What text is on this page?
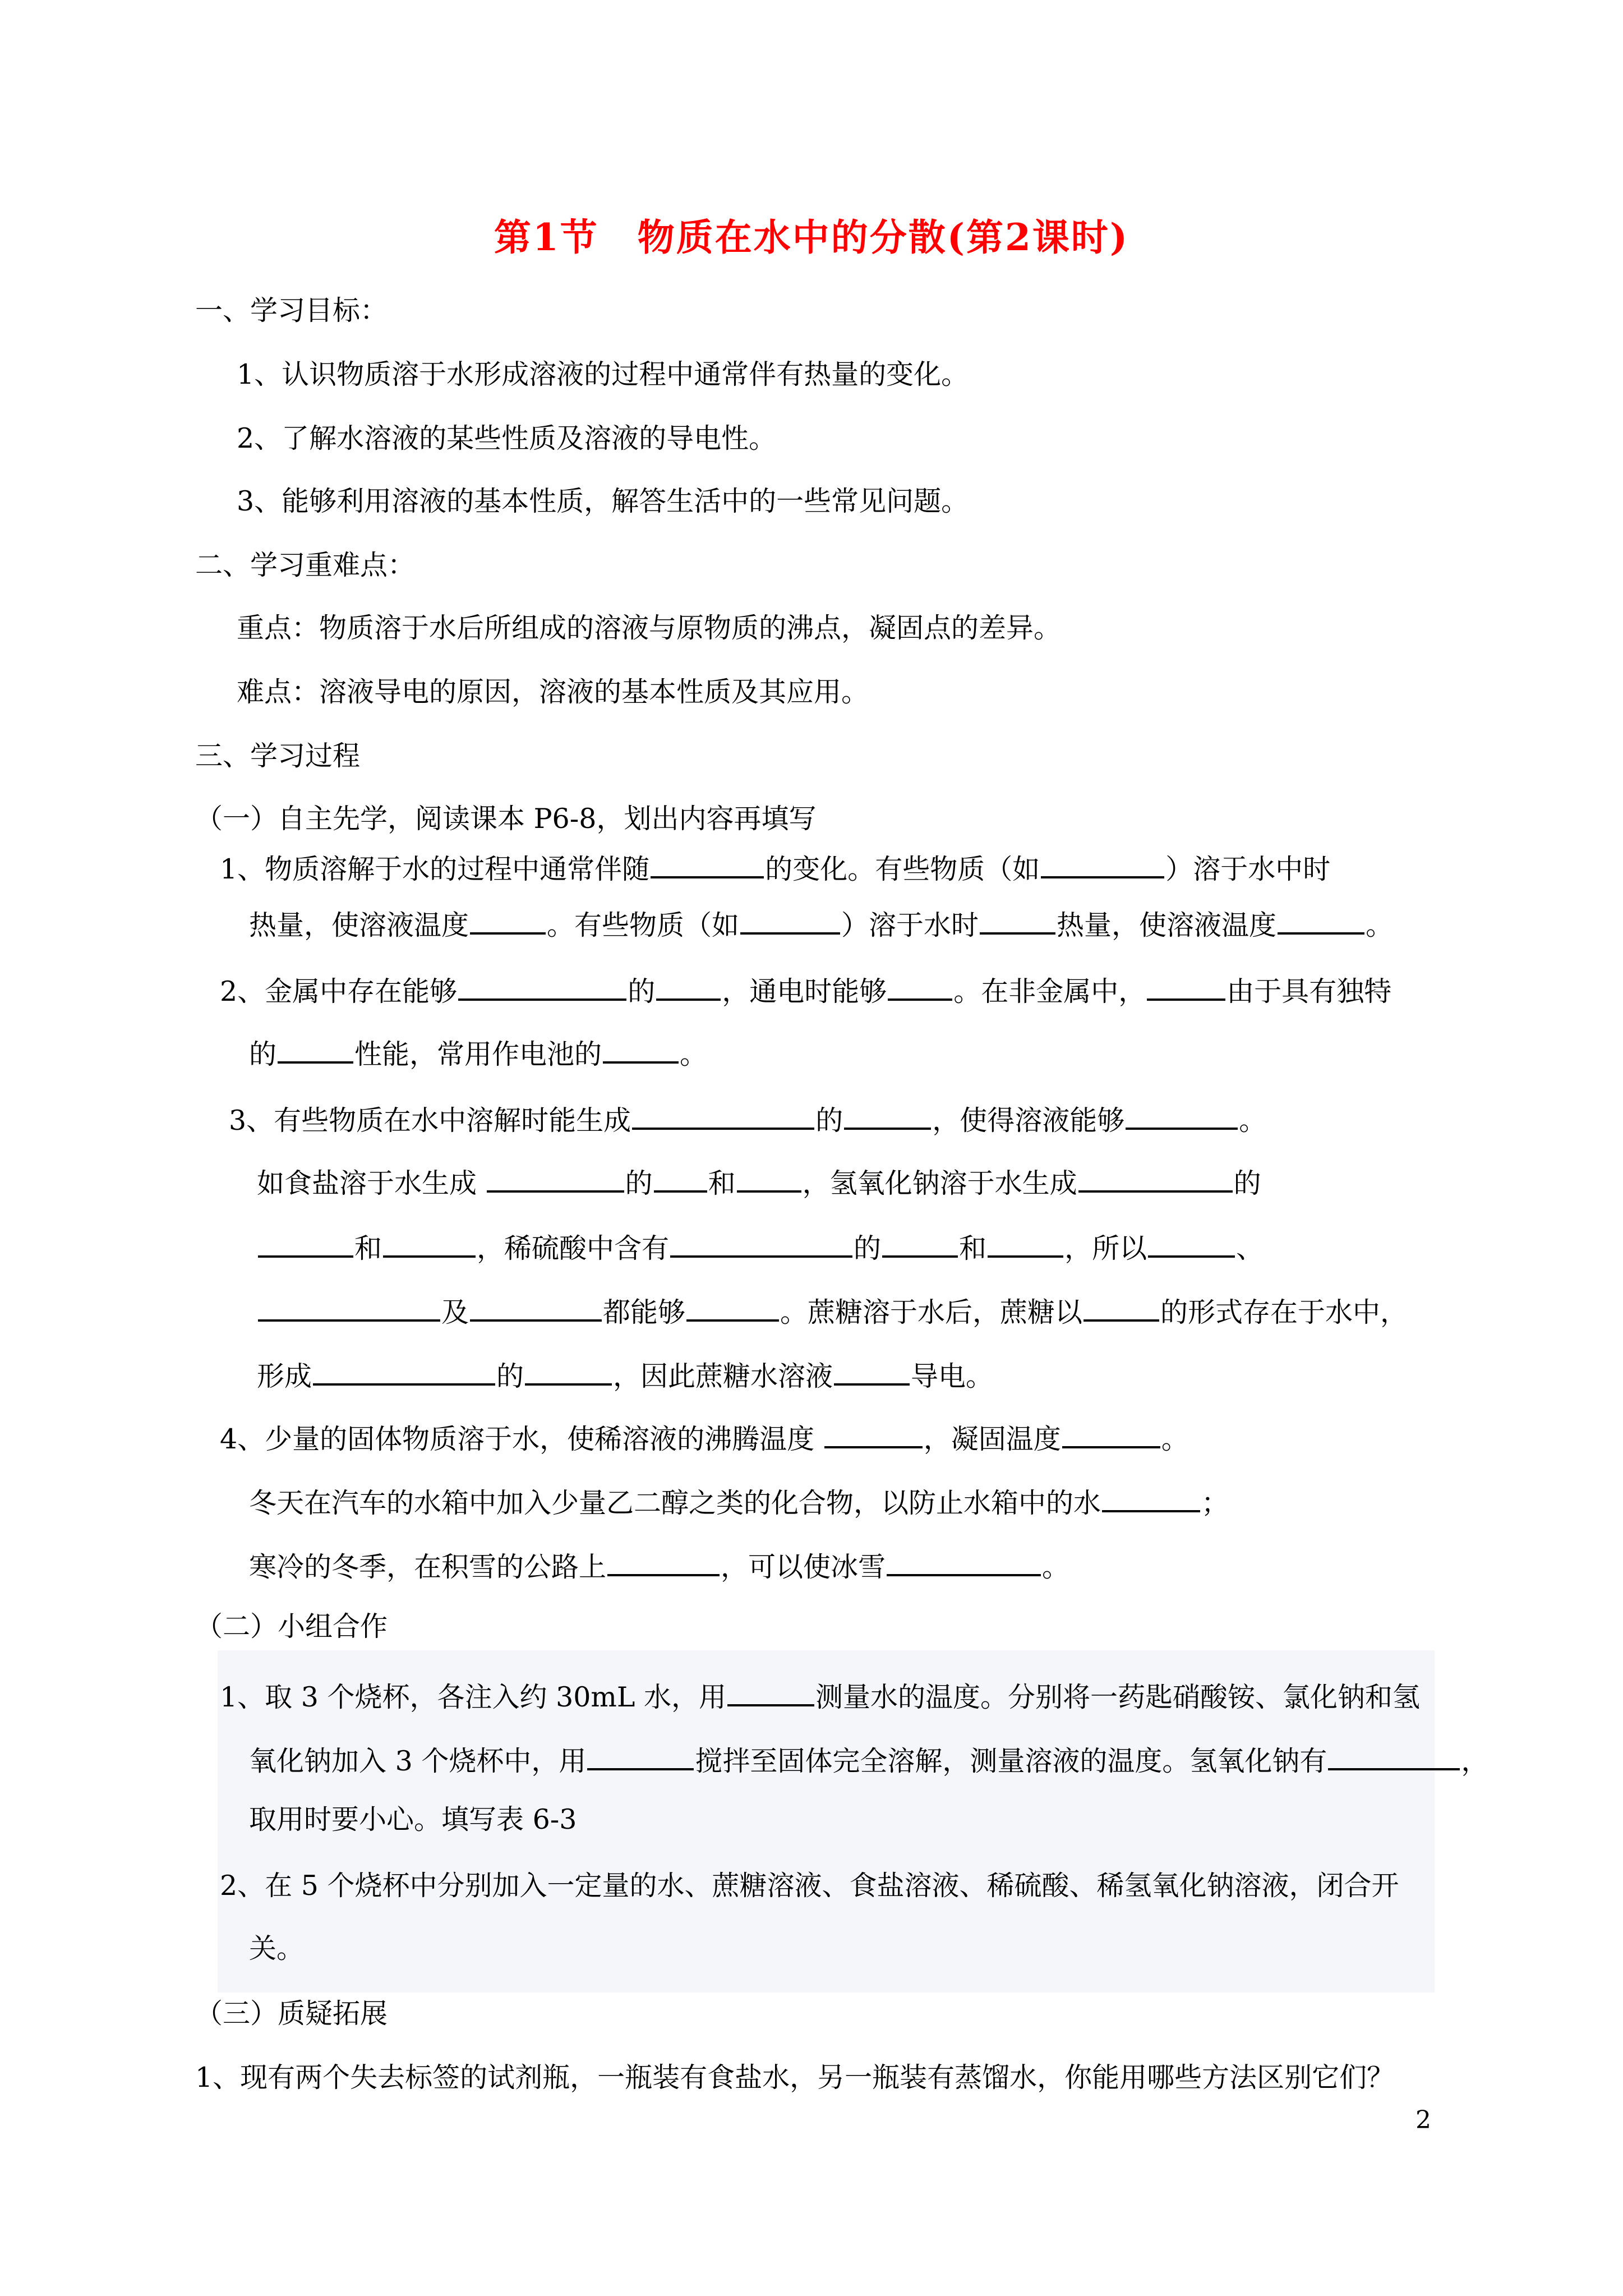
第1节　物质在水中的分散(第2课时)
一、学习目标：
1、认识物质溶于水形成溶液的过程中通常伴有热量的变化。
2、了解水溶液的某些性质及溶液的导电性。
3、能够利用溶液的基本性质，解答生活中的一些常见问题。
二、学习重难点：
重点：物质溶于水后所组成的溶液与原物质的沸点，凝固点的差异。
难点：溶液导电的原因，溶液的基本性质及其应用。
三、学习过程
（一）自主先学，阅读课本 P6-8，划出内容再填写
1、物质溶解于水的过程中通常伴随	的变化。有些物质（如	）溶于水中时
热量，使溶液温度	。有些物质（如	）溶于水时	热量，使溶液温度	。
2、金属中存在能够	的 ，通电时能够 。在非金属中，	由于具有独特
的	性能，常用作电池的	。
3、有些物质在水中溶解时能生成	的	，使得溶液能够	。
如食盐溶于水生成	的 和 ，氢氧化钠溶于水生成	的
和	，稀硫酸中含有	的	和	，所以	、
及	都能够	。蔗糖溶于水后，蔗糖以	的形式存在于水中，
形成	的	，因此蔗糖水溶液	导电。
4、少量的固体物质溶于水，使稀溶液的沸腾温度	，凝固温度	。
冬天在汽车的水箱中加入少量乙二醇之类的化合物，以防止水箱中的水	；
寒冷的冬季，在积雪的公路上	，可以使冰雪	。
（二）小组合作
1、取 3 个烧杯，各注入约 30mL 水，用	测量水的温度。分别将一药匙硝酸铵、氯化钠和氢
氧化钠加入 3 个烧杯中，用	搅拌至固体完全溶解，测量溶液的温度。氢氧化钠有	，
取用时要小心。填写表 6-3
2、在 5 个烧杯中分别加入一定量的水、蔗糖溶液、食盐溶液、稀硫酸、稀氢氧化钠溶液，闭合开
关。
（三）质疑拓展
1、现有两个失去标签的试剂瓶，一瓶装有食盐水，另一瓶装有蒸馏水，你能用哪些方法区别它们？
2
